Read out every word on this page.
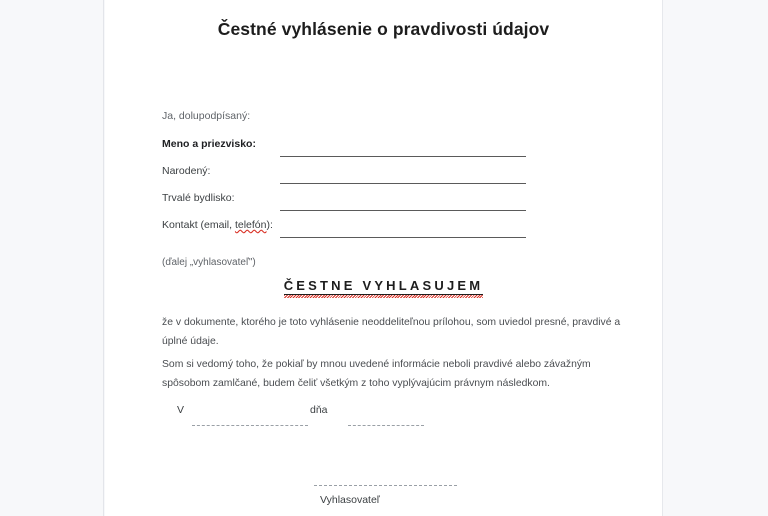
Čestné vyhlásenie o pravdivosti údajov
Ja, dolupodpísaný:
Meno a priezvisko:
Narodený:
Trvalé bydlisko:
Kontakt (email, telefón):
(ďalej „vyhlasovateľ")
ČESTNE VYHLASUJEM
že v dokumente, ktorého je toto vyhlásenie neoddeliteľnou prílohou, som uviedol presné, pravdivé a
úplné údaje.
Som si vedomý toho, že pokiaľ by mnou uvedené informácie neboli pravdivé alebo závažným
spôsobom zamlčané, budem čeliť všetkým z toho vyplývajúcim právnym následkom.
V	dňa
Vyhlasovateľ
